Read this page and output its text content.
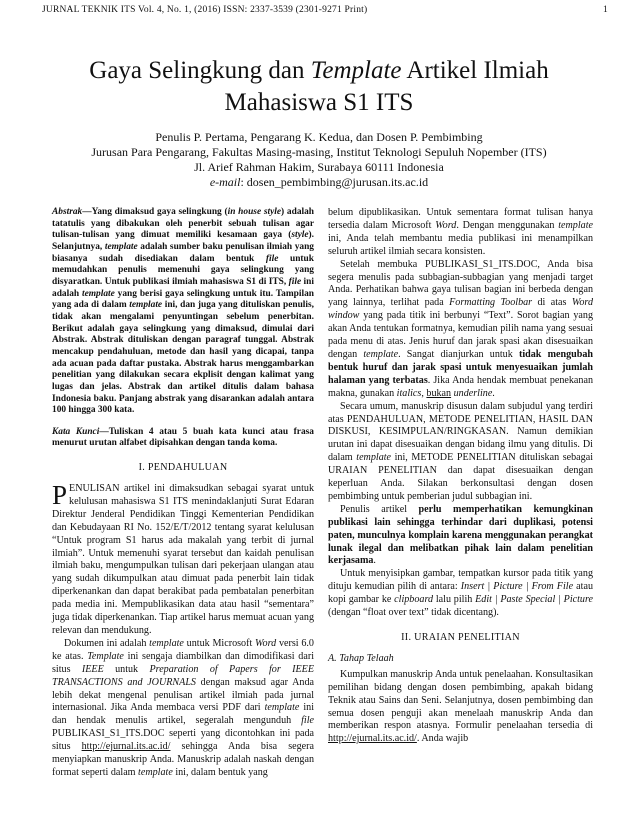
JURNAL TEKNIK ITS Vol. 4, No. 1, (2016) ISSN: 2337-3539 (2301-9271 Print)	1
Gaya Selingkung dan Template Artikel Ilmiah
Mahasiswa S1 ITS
Penulis P. Pertama, Pengarang K. Kedua, dan Dosen P. Pembimbing
Jurusan Para Pengarang, Fakultas Masing-masing, Institut Teknologi Sepuluh Nopember (ITS)
Jl. Arief Rahman Hakim, Surabaya 60111 Indonesia
e-mail: dosen_pembimbing@jurusan.its.ac.id

Abstrak—Yang dimaksud gaya selingkung (in house style) adalah tatatulis yang dibakukan oleh penerbit sebuah tulisan agar tulisan-tulisan yang dimuat memiliki kesamaan gaya (style). Selanjutnya, template adalah sumber baku penulisan ilmiah yang biasanya sudah disediakan dalam bentuk file untuk memudahkan penulis memenuhi gaya selingkung yang disyaratkan. Untuk publikasi ilmiah mahasiswa S1 di ITS, file ini adalah template yang berisi gaya selingkung untuk itu. Tampilan yang ada di dalam template ini, dan juga yang dituliskan penulis, tidak akan mengalami penyuntingan sebelum penerbitan. Berikut adalah gaya selingkung yang dimaksud, dimulai dari Abstrak. Abstrak dituliskan dengan paragraf tunggal. Abstrak mencakup pendahuluan, metode dan hasil yang dicapai, tanpa ada acuan pada daftar pustaka. Abstrak harus menggambarkan penelitian yang dilakukan secara ekplisit dengan kalimat yang lugas dan jelas. Abstrak dan artikel ditulis dalam bahasa Indonesia baku. Panjang abstrak yang disarankan adalah antara 100 hingga 300 kata.

Kata Kunci—Tuliskan 4 atau 5 buah kata kunci atau frasa menurut urutan alfabet dipisahkan dengan tanda koma.

I. PENDAHULUAN

PENULISAN artikel ini dimaksudkan sebagai syarat untuk kelulusan mahasiswa S1 ITS menindaklanjuti Surat Edaran Direktur Jenderal Pendidikan Tinggi Kementerian Pendidikan dan Kebudayaan RI No. 152/E/T/2012 tentang syarat kelulusan “Untuk program S1 harus ada makalah yang terbit di jurnal ilmiah”. Untuk memenuhi syarat tersebut dan kaidah penulisan ilmiah baku, mengumpulkan tulisan dari pekerjaan ulangan atau yang sudah dikumpulkan atau dimuat pada penerbit lain tidak diperkenankan dan dapat berakibat pada pembatalan penerbitan pada media ini. Mempublikasikan data atau hasil “sementara” juga tidak diperkenankan. Tiap artikel harus memuat acuan yang relevan dan mendukung.

Dokumen ini adalah template untuk Microsoft Word versi 6.0 ke atas. Template ini sengaja diambilkan dan dimodifikasi dari situs IEEE untuk Preparation of Papers for IEEE TRANSACTIONS and JOURNALS dengan maksud agar Anda lebih dekat mengenal penulisan artikel ilmiah pada jurnal internasional. Jika Anda membaca versi PDF dari template ini dan hendak menulis artikel, segeralah mengunduh file PUBLIKASI_S1_ITS.DOC seperti yang dicontohkan ini pada situs http://ejurnal.its.ac.id/ sehingga Anda bisa segera menyiapkan manuskrip Anda. Manuskrip adalah naskah dengan format seperti dalam template ini, dalam bentuk yang

belum dipublikasikan. Untuk sementara format tulisan hanya tersedia dalam Microsoft Word. Dengan menggunakan template ini, Anda telah membantu media publikasi ini menampilkan seluruh artikel ilmiah secara konsisten.

Setelah membuka PUBLIKASI_S1_ITS.DOC, Anda bisa segera menulis pada subbagian-subbagian yang menjadi target Anda. Perhatikan bahwa gaya tulisan bagian ini berbeda dengan yang lainnya, terlihat pada Formatting Toolbar di atas Word window yang pada titik ini berbunyi “Text”. Sorot bagian yang akan Anda tentukan formatnya, kemudian pilih nama yang sesuai pada menu di atas. Jenis huruf dan jarak spasi akan disesuaikan dengan template. Sangat dianjurkan untuk tidak mengubah bentuk huruf dan jarak spasi untuk menyesuaikan jumlah halaman yang terbatas. Jika Anda hendak membuat penekanan makna, gunakan italics, bukan underline.

Secara umum, manuskrip disusun dalam subjudul yang terdiri atas PENDAHULUAN, METODE PENELITIAN, HASIL DAN DISKUSI, KESIMPULAN/RINGKASAN. Namun demikian urutan ini dapat disesuaikan dengan bidang ilmu yang ditulis. Di dalam template ini, METODE PENELITIAN dituliskan sebagai URAIAN PENELITIAN dan dapat disesuaikan dengan keperluan Anda. Silakan berkonsultasi dengan dosen pembimbing untuk pemberian judul subbagian ini.

Penulis artikel perlu memperhatikan kemungkinan publikasi lain sehingga terhindar dari duplikasi, potensi paten, munculnya komplain karena menggunakan perangkat lunak ilegal dan melibatkan pihak lain dalam penelitian kerjasama.

Untuk menyisipkan gambar, tempatkan kursor pada titik yang dituju kemudian pilih di antara: Insert | Picture | From File atau kopi gambar ke clipboard lalu pilih Edit | Paste Special | Picture (dengan “float over text” tidak dicentang).

II. URAIAN PENELITIAN
A. Tahap Telaah

Kumpulkan manuskrip Anda untuk penelaahan. Konsultasikan pemilihan bidang dengan dosen pembimbing, apakah bidang Teknik atau Sains dan Seni. Selanjutnya, dosen pembimbing dan semua dosen penguji akan menelaah manuskrip Anda dan memberikan respon atasnya. Formulir penelaahan tersedia di http://ejurnal.its.ac.id/. Anda wajib
